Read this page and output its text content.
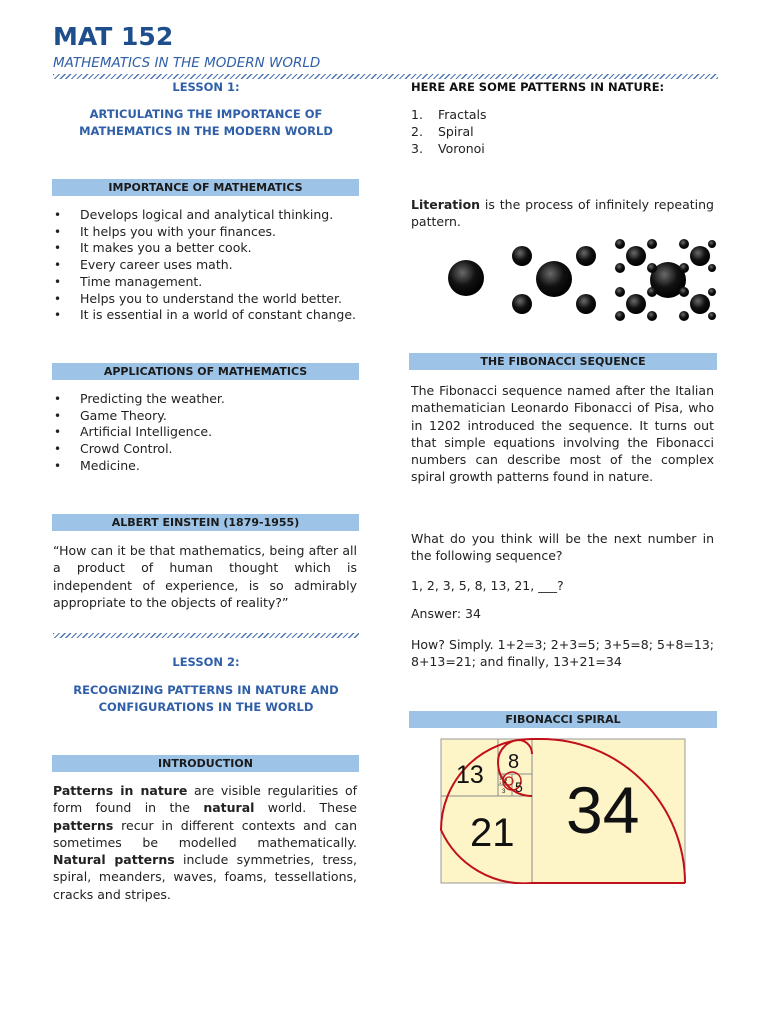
MAT 152
MATHEMATICS IN THE MODERN WORLD
LESSON 1:
ARTICULATING THE IMPORTANCE OF
MATHEMATICS IN THE MODERN WORLD
IMPORTANCE OF MATHEMATICS
• Develops logical and analytical thinking.
• It helps you with your finances.
• It makes you a better cook.
• Every career uses math.
• Time management.
• Helps you to understand the world better.
• It is essential in a world of constant change.
APPLICATIONS OF MATHEMATICS
• Predicting the weather.
• Game Theory.
• Artificial Intelligence.
• Crowd Control.
• Medicine.
ALBERT EINSTEIN (1879-1955)
“How can it be that mathematics, being after all a product of human thought which is independent of experience, is so admirably appropriate to the objects of reality?”
LESSON 2:
RECOGNIZING PATTERNS IN NATURE AND
CONFIGURATIONS IN THE WORLD
INTRODUCTION
Patterns in nature are visible regularities of form found in the natural world. These patterns recur in different contexts and can sometimes be modelled mathematically. Natural patterns include symmetries, tress, spiral, meanders, waves, foams, tessellations, cracks and stripes.
HERE ARE SOME PATTERNS IN NATURE:
1. Fractals
2. Spiral
3. Voronoi
Literation is the process of infinitely repeating pattern.
THE FIBONACCI SEQUENCE
The Fibonacci sequence named after the Italian mathematician Leonardo Fibonacci of Pisa, who in 1202 introduced the sequence. It turns out that simple equations involving the Fibonacci numbers can describe most of the complex spiral growth patterns found in nature.
What do you think will be the next number in the following sequence?
1, 2, 3, 5, 8, 13, 21, ___?
Answer: 34
How? Simply. 1+2=3; 2+3=5; 3+5=8; 5+8=13; 8+13=21; and finally, 13+21=34
FIBONACCI SPIRAL
34
21
13 8
5
3
2
1
1
